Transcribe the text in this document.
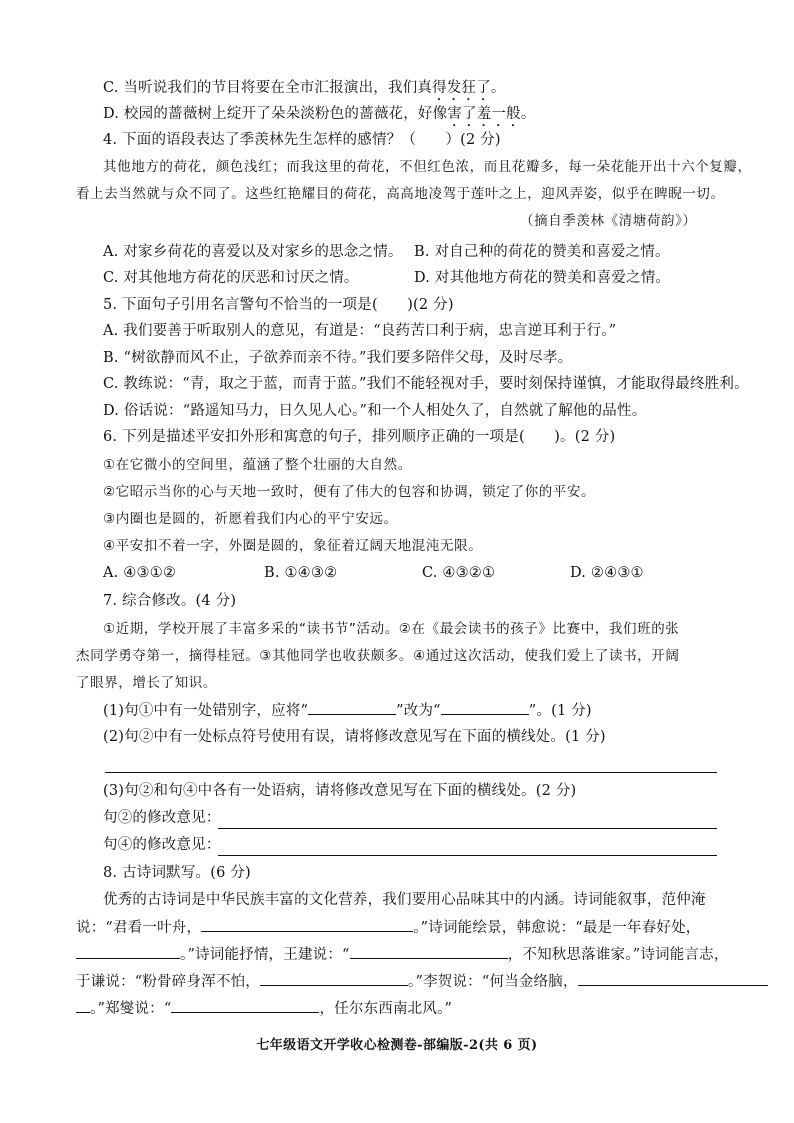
C. 当听说我们的节目将要在全市汇报演出，我们真得发狂了。
D. 校园的蔷薇树上绽开了朵朵淡粉色的蔷薇花，好像害了羞一般。
4. 下面的语段表达了季羡林先生怎样的感情？（　　）(2 分)
其他地方的荷花，颜色浅红；而我这里的荷花，不但红色浓，而且花瓣多，每一朵花能开出十六个复瓣，
看上去当然就与众不同了。这些红艳耀目的荷花，高高地凌驾于莲叶之上，迎风弄姿，似乎在睥睨一切。
（摘自季羡林《清塘荷韵》）
A. 对家乡荷花的喜爱以及对家乡的思念之情。 B. 对自己种的荷花的赞美和喜爱之情。
C. 对其他地方荷花的厌恶和讨厌之情。	D. 对其他地方荷花的赞美和喜爱之情。
5. 下面句子引用名言警句不恰当的一项是(　　)(2 分)
A. 我们要善于听取别人的意见，有道是：“良药苦口利于病，忠言逆耳利于行。”
B. “树欲静而风不止，子欲养而亲不待。”我们要多陪伴父母，及时尽孝。
C. 教练说：“青，取之于蓝，而青于蓝。”我们不能轻视对手，要时刻保持谨慎，才能取得最终胜利。
D. 俗话说：“路遥知马力，日久见人心。”和一个人相处久了，自然就了解他的品性。
6. 下列是描述平安扣外形和寓意的句子，排列顺序正确的一项是(　　)。(2 分)
①在它微小的空间里，蕴涵了整个壮丽的大自然。
②它昭示当你的心与天地一致时，便有了伟大的包容和协调，锁定了你的平安。
③内圈也是圆的，祈愿着我们内心的平宁安远。
④平安扣不着一字，外圈是圆的，象征着辽阔天地混沌无限。
A. ④③①②	B. ①④③②	C. ④③②①	D. ②④③①
7. 综合修改。(4 分)
①近期，学校开展了丰富多采的“读书节”活动。②在《最会读书的孩子》比赛中，我们班的张
杰同学勇夺第一，摘得桂冠。③其他同学也收获颇多。④通过这次活动，使我们爱上了读书，开阔
了眼界，增长了知识。
(1)句①中有一处错别字，应将“	”改为“	”。(1 分)
(2)句②中有一处标点符号使用有误，请将修改意见写在下面的横线处。(1 分)
(3)句②和句④中各有一处语病，请将修改意见写在下面的横线处。(2 分)
句②的修改意见：
句④的修改意见：
8. 古诗词默写。(6 分)
优秀的古诗词是中华民族丰富的文化营养，我们要用心品味其中的内涵。诗词能叙事，范仲淹
说：“君看一叶舟，	。”诗词能绘景，韩愈说：“最是一年春好处，
。”诗词能抒情，王建说：“	，不知秋思落谁家。”诗词能言志，
于谦说：“粉骨碎身浑不怕，	。”李贺说：“何当金络脑，
。”郑燮说：“	，任尔东西南北风。”
七年级语文开学收心检测卷-部编版-2(共 6 页)
